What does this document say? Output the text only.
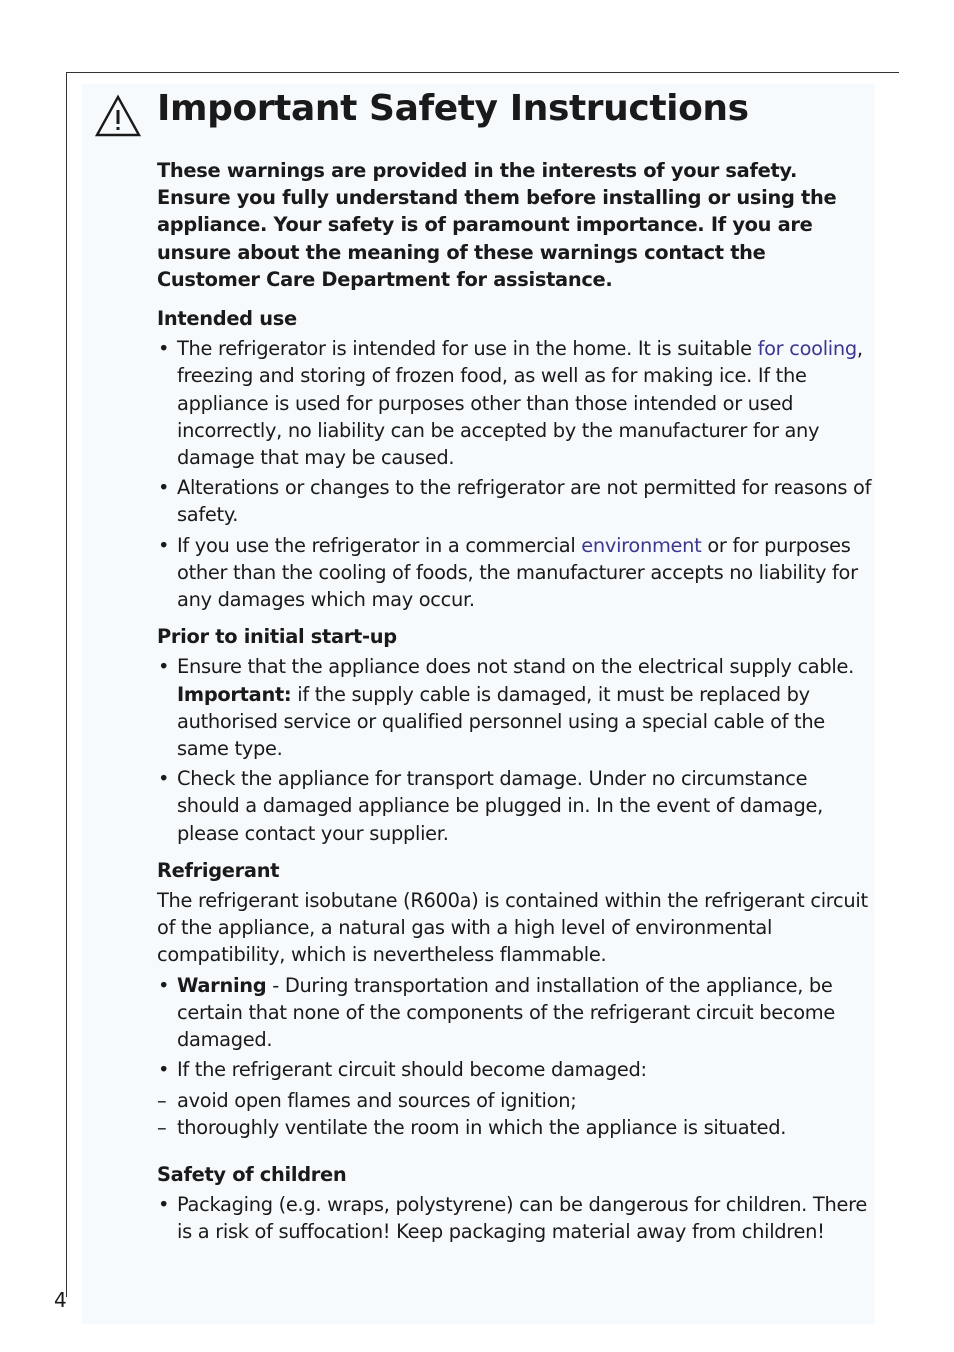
Important Safety Instructions

These warnings are provided in the interests of your safety. Ensure you fully understand them before installing or using the appliance. Your safety is of paramount importance. If you are unsure about the meaning of these warnings contact the Customer Care Department for assistance.

Intended use
• The refrigerator is intended for use in the home. It is suitable for cooling, freezing and storing of frozen food, as well as for making ice. If the appliance is used for purposes other than those intended or used incorrectly, no liability can be accepted by the manufacturer for any damage that may be caused.
• Alterations or changes to the refrigerator are not permitted for reasons of safety.
• If you use the refrigerator in a commercial environment or for purposes other than the cooling of foods, the manufacturer accepts no liability for any damages which may occur.
Prior to initial start-up
• Ensure that the appliance does not stand on the electrical supply cable. Important: if the supply cable is damaged, it must be replaced by authorised service or qualified personnel using a special cable of the same type.
• Check the appliance for transport damage. Under no circumstance should a damaged appliance be plugged in. In the event of damage, please contact your supplier.
Refrigerant

The refrigerant isobutane (R600a) is contained within the refrigerant circuit of the appliance, a natural gas with a high level of environmental compatibility, which is nevertheless flammable.

• Warning - During transportation and installation of the appliance, be certain that none of the components of the refrigerant circuit become damaged.
• If the refrigerant circuit should become damaged:
– avoid open flames and sources of ignition;
– thoroughly ventilate the room in which the appliance is situated.
Safety of children
• Packaging (e.g. wraps, polystyrene) can be dangerous for children. There is a risk of suffocation! Keep packaging material away from children!
4
